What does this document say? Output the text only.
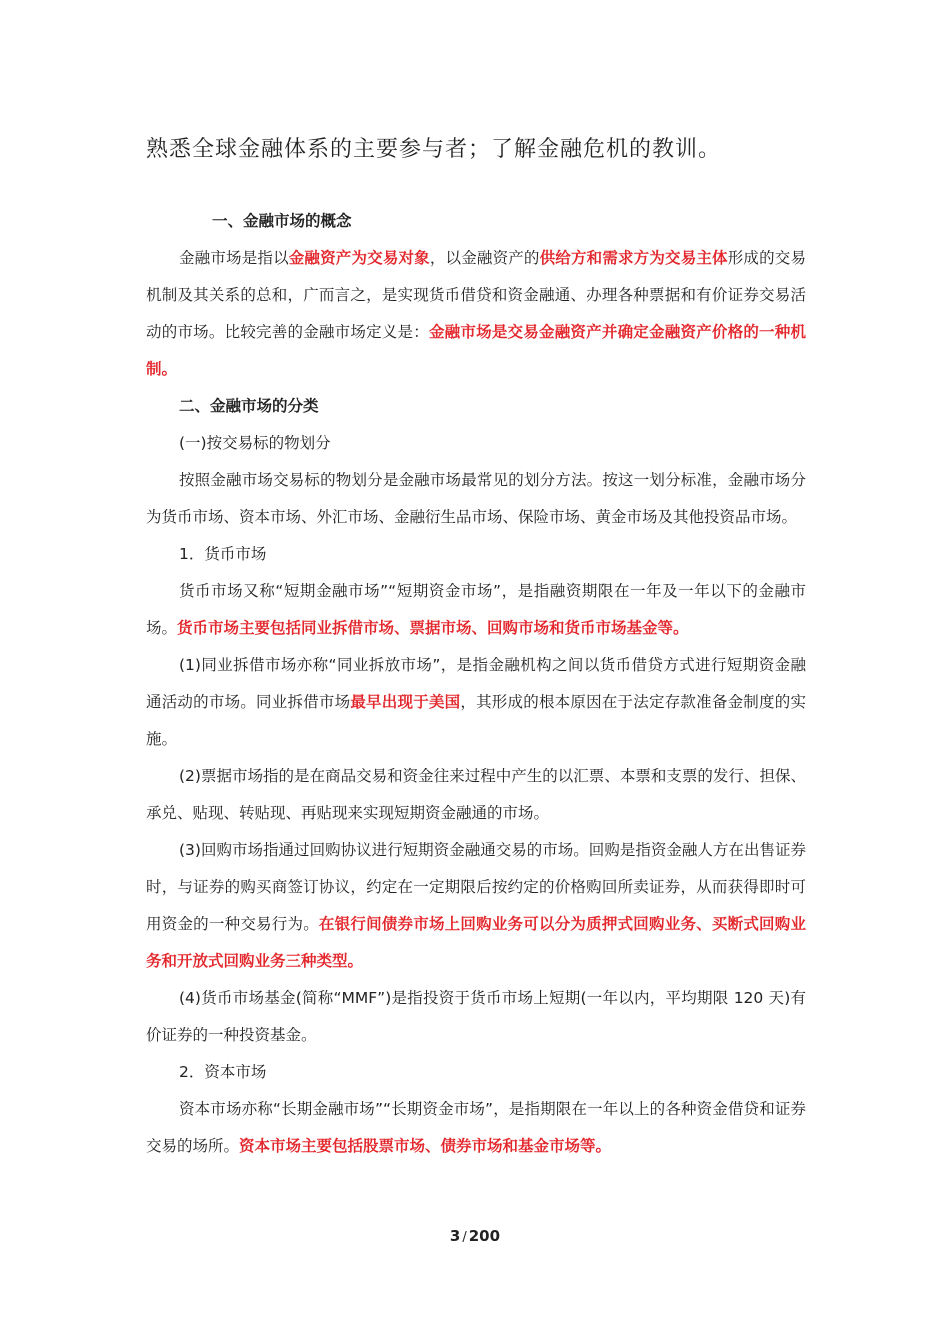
熟悉全球金融体系的主要参与者；了解金融危机的教训。

一、金融市场的概念

金融市场是指以金融资产为交易对象，以金融资产的供给方和需求方为交易主体形成的交易机制及其关系的总和，广而言之，是实现货币借贷和资金融通、办理各种票据和有价证券交易活动的市场。比较完善的金融市场定义是：金融市场是交易金融资产并确定金融资产价格的一种机制。

二、金融市场的分类

(一)按交易标的物划分

按照金融市场交易标的物划分是金融市场最常见的划分方法。按这一划分标准，金融市场分为货币市场、资本市场、外汇市场、金融衍生品市场、保险市场、黄金市场及其他投资品市场。

1．货币市场

货币市场又称“短期金融市场”“短期资金市场”，是指融资期限在一年及一年以下的金融市场。货币市场主要包括同业拆借市场、票据市场、回购市场和货币市场基金等。

(1)同业拆借市场亦称“同业拆放市场”，是指金融机构之间以货币借贷方式进行短期资金融通活动的市场。同业拆借市场最早出现于美国，其形成的根本原因在于法定存款准备金制度的实施。

(2)票据市场指的是在商品交易和资金往来过程中产生的以汇票、本票和支票的发行、担保、承兑、贴现、转贴现、再贴现来实现短期资金融通的市场。

(3)回购市场指通过回购协议进行短期资金融通交易的市场。回购是指资金融人方在出售证券时，与证券的购买商签订协议，约定在一定期限后按约定的价格购回所卖证券，从而获得即时可用资金的一种交易行为。在银行间债券市场上回购业务可以分为质押式回购业务、买断式回购业务和开放式回购业务三种类型。

(4)货币市场基金(简称“MMF”)是指投资于货币市场上短期(一年以内，平均期限 120 天)有价证券的一种投资基金。

2．资本市场

资本市场亦称“长期金融市场”“长期资金市场”，是指期限在一年以上的各种资金借贷和证券交易的场所。资本市场主要包括股票市场、债券市场和基金市场等。

3 / 200
